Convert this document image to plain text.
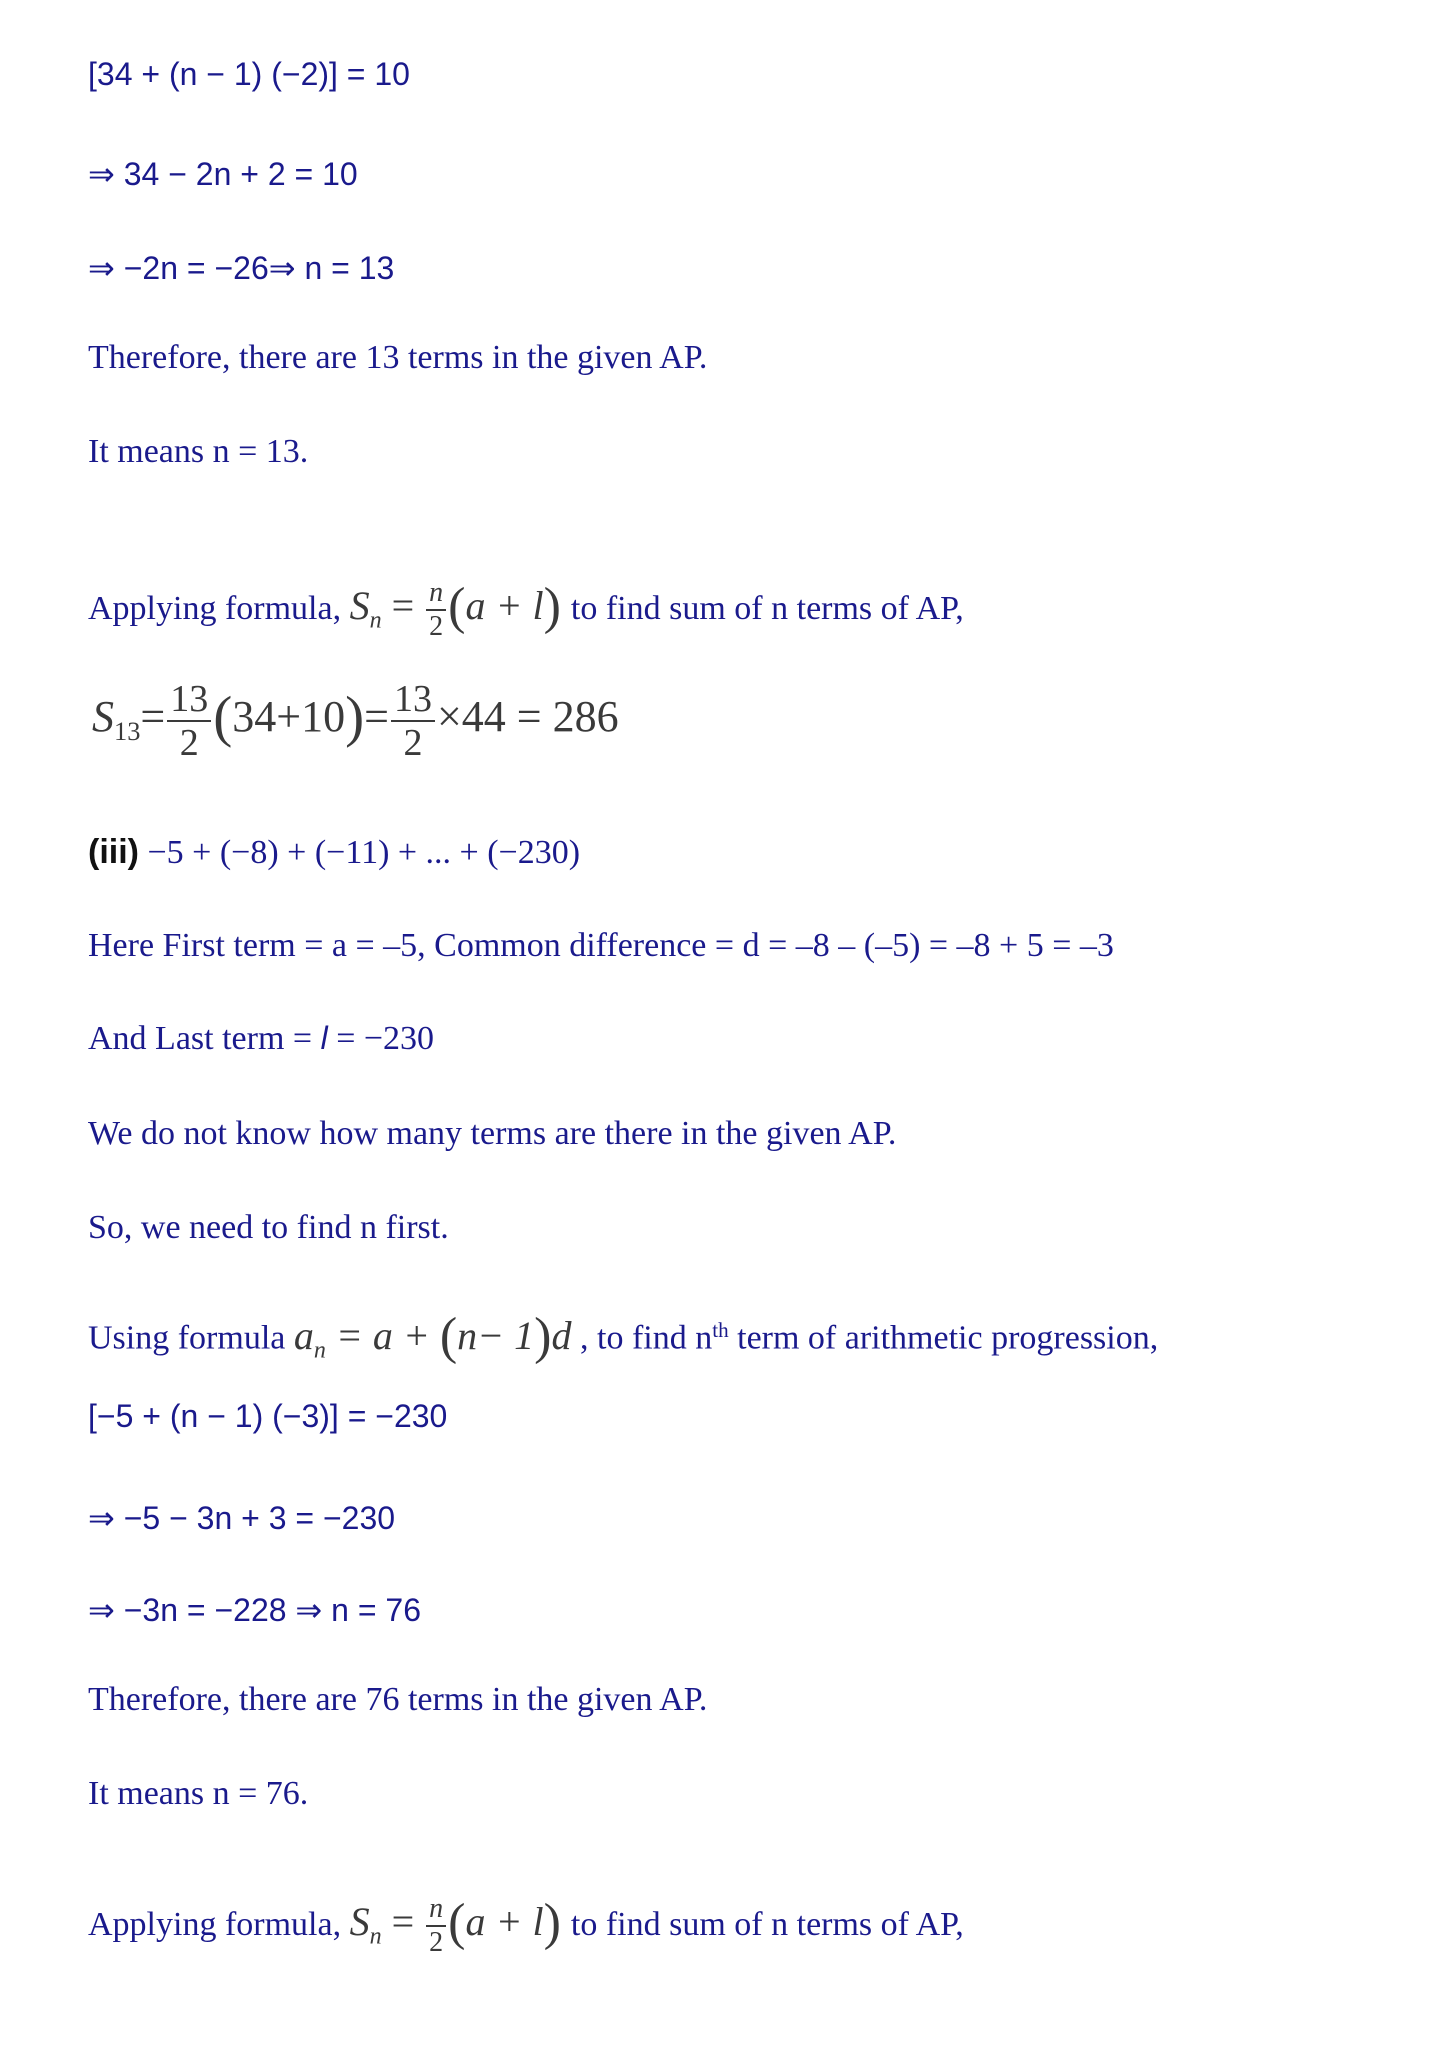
[34 + (n − 1) (−2)] = 10
⇒ 34 − 2n + 2 = 10
⇒ −2n = −26⇒ n = 13
Therefore, there are 13 terms in the given AP.
It means n = 13.
Applying formula, $S_n = \frac{n}{2} (a + l)$ to find sum of n terms of AP,
$S_{13}= \frac{13}{2} (34+10)= \frac{13}{2} \times 44 = 286$
(iii) −5 + (−8) + (−11) + ... + (−230)
Here First term = a = –5, Common difference = d = –8 – (–5) = –8 + 5 = –3
And Last term = l = −230
We do not know how many terms are there in the given AP.
So, we need to find n first.
Using formula $a_n = a + (n- 1)d$ , to find $n^{th}$ term of arithmetic progression,
[−5 + (n − 1) (−3)] = −230
⇒ −5 − 3n + 3 = −230
⇒ −3n = −228 ⇒ n = 76
Therefore, there are 76 terms in the given AP.
It means n = 76.
Applying formula, $S_n = \frac{n}{2} (a + l)$ to find sum of n terms of AP,
